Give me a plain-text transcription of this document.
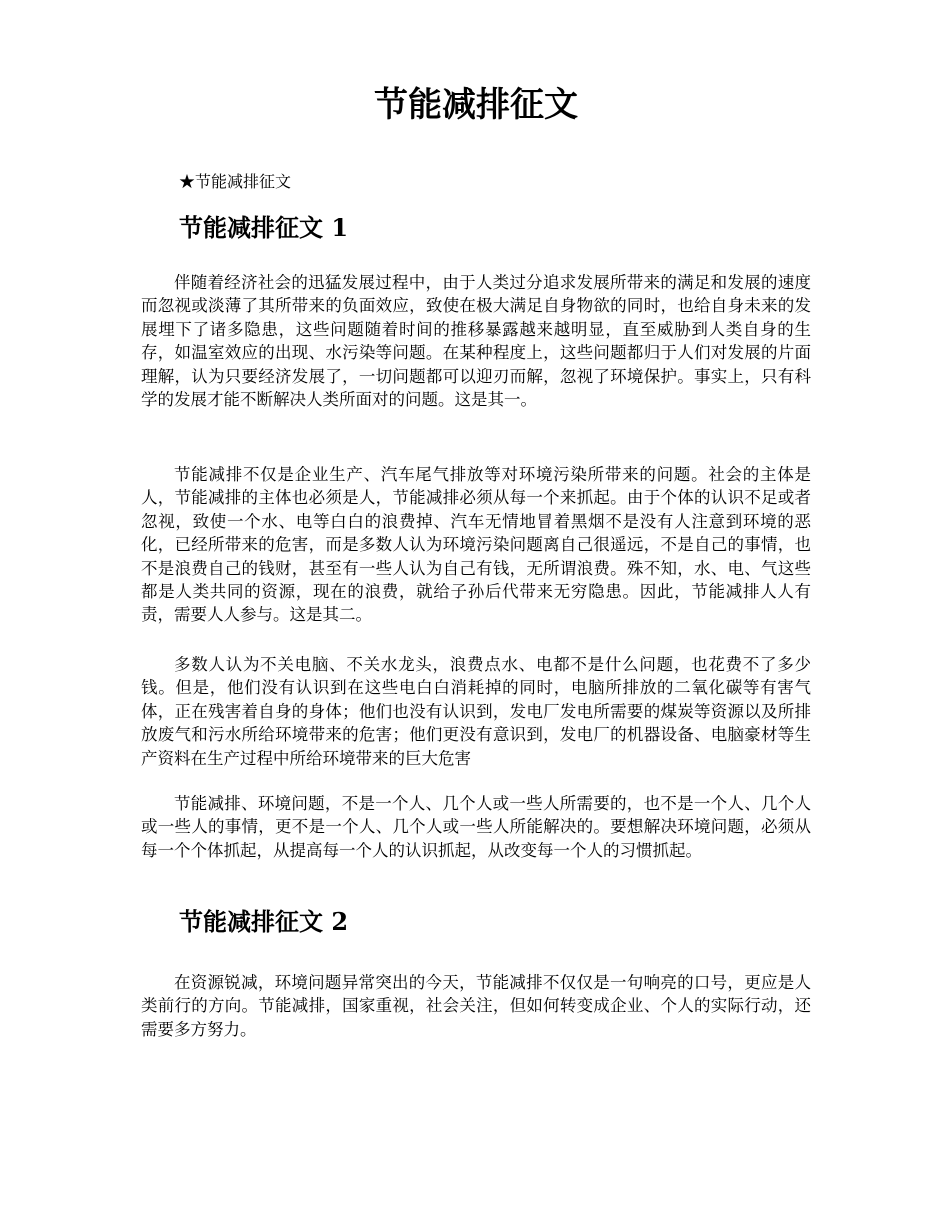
节能减排征文

★节能减排征文

节能减排征文 1

伴随着经济社会的迅猛发展过程中，由于人类过分追求发展所带来的满足和发展的速度而忽视或淡薄了其所带来的负面效应，致使在极大满足自身物欲的同时，也给自身未来的发展埋下了诸多隐患，这些问题随着时间的推移暴露越来越明显，直至威胁到人类自身的生存，如温室效应的出现、水污染等问题。在某种程度上，这些问题都归于人们对发展的片面理解，认为只要经济发展了，一切问题都可以迎刃而解，忽视了环境保护。事实上，只有科学的发展才能不断解决人类所面对的问题。这是其一。

节能减排不仅是企业生产、汽车尾气排放等对环境污染所带来的问题。社会的主体是人，节能减排的主体也必须是人，节能减排必须从每一个来抓起。由于个体的认识不足或者忽视，致使一个水、电等白白的浪费掉、汽车无情地冒着黑烟不是没有人注意到环境的恶化，已经所带来的危害，而是多数人认为环境污染问题离自己很遥远，不是自己的事情，也不是浪费自己的钱财，甚至有一些人认为自己有钱，无所谓浪费。殊不知，水、电、气这些都是人类共同的资源，现在的浪费，就给子孙后代带来无穷隐患。因此，节能减排人人有责，需要人人参与。这是其二。

多数人认为不关电脑、不关水龙头，浪费点水、电都不是什么问题，也花费不了多少钱。但是，他们没有认识到在这些电白白消耗掉的同时，电脑所排放的二氧化碳等有害气体，正在残害着自身的身体；他们也没有认识到，发电厂发电所需要的煤炭等资源以及所排放废气和污水所给环境带来的危害；他们更没有意识到，发电厂的机器设备、电脑豪材等生产资料在生产过程中所给环境带来的巨大危害

节能减排、环境问题，不是一个人、几个人或一些人所需要的，也不是一个人、几个人或一些人的事情，更不是一个人、几个人或一些人所能解决的。要想解决环境问题，必须从每一个个体抓起，从提高每一个人的认识抓起，从改变每一个人的习惯抓起。

节能减排征文 2

在资源锐减，环境问题异常突出的今天，节能减排不仅仅是一句响亮的口号，更应是人类前行的方向。节能减排，国家重视，社会关注，但如何转变成企业、个人的实际行动，还需要多方努力。
